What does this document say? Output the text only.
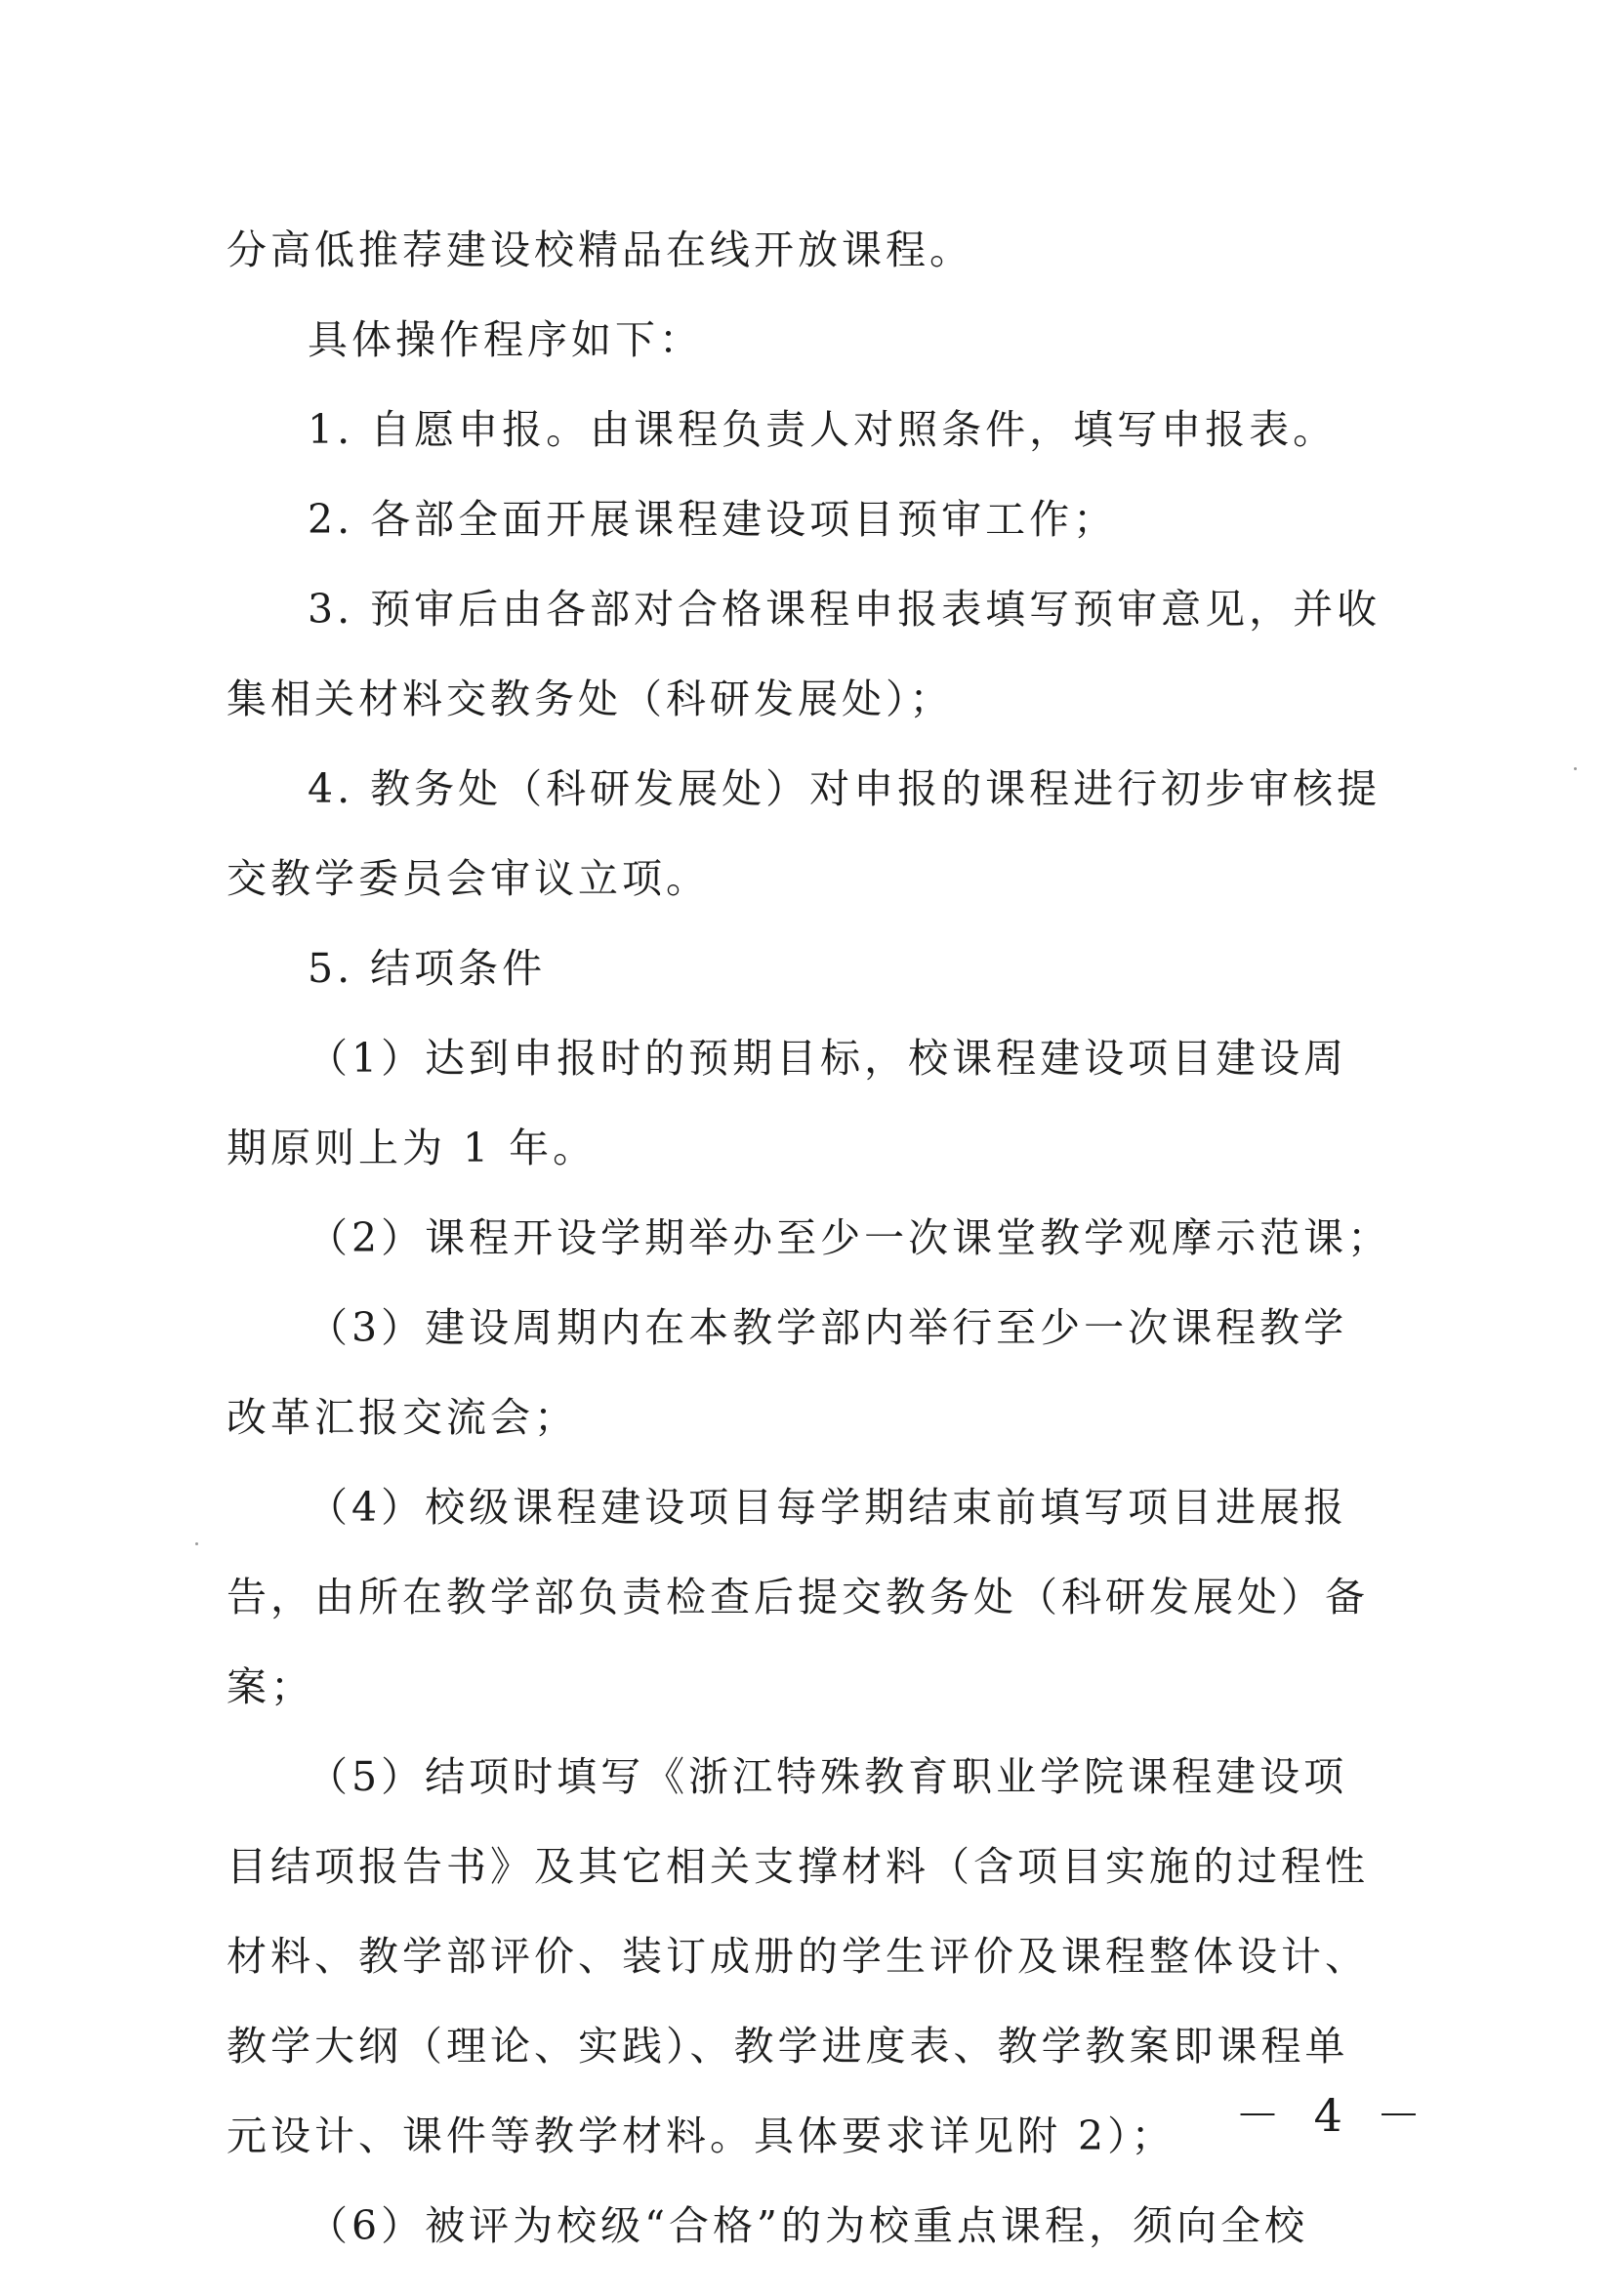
分高低推荐建设校精品在线开放课程。
具体操作程序如下：
1. 自愿申报。由课程负责人对照条件，填写申报表。
2. 各部全面开展课程建设项目预审工作；
3. 预审后由各部对合格课程申报表填写预审意见，并收
集相关材料交教务处（科研发展处）；
4. 教务处（科研发展处）对申报的课程进行初步审核提
交教学委员会审议立项。
5. 结项条件
（1）达到申报时的预期目标，校课程建设项目建设周
期原则上为 1 年。
（2）课程开设学期举办至少一次课堂教学观摩示范课；
（3）建设周期内在本教学部内举行至少一次课程教学
改革汇报交流会；
（4）校级课程建设项目每学期结束前填写项目进展报
告，由所在教学部负责检查后提交教务处（科研发展处）备
案；
（5）结项时填写《浙江特殊教育职业学院课程建设项
目结项报告书》及其它相关支撑材料（含项目实施的过程性
材料、教学部评价、装订成册的学生评价及课程整体设计、
教学大纲（理论、实践）、教学进度表、教学教案即课程单
元设计、课件等教学材料。具体要求详见附 2）；
（6）被评为校级“合格”的为校重点课程，须向全校
－ 4 －
